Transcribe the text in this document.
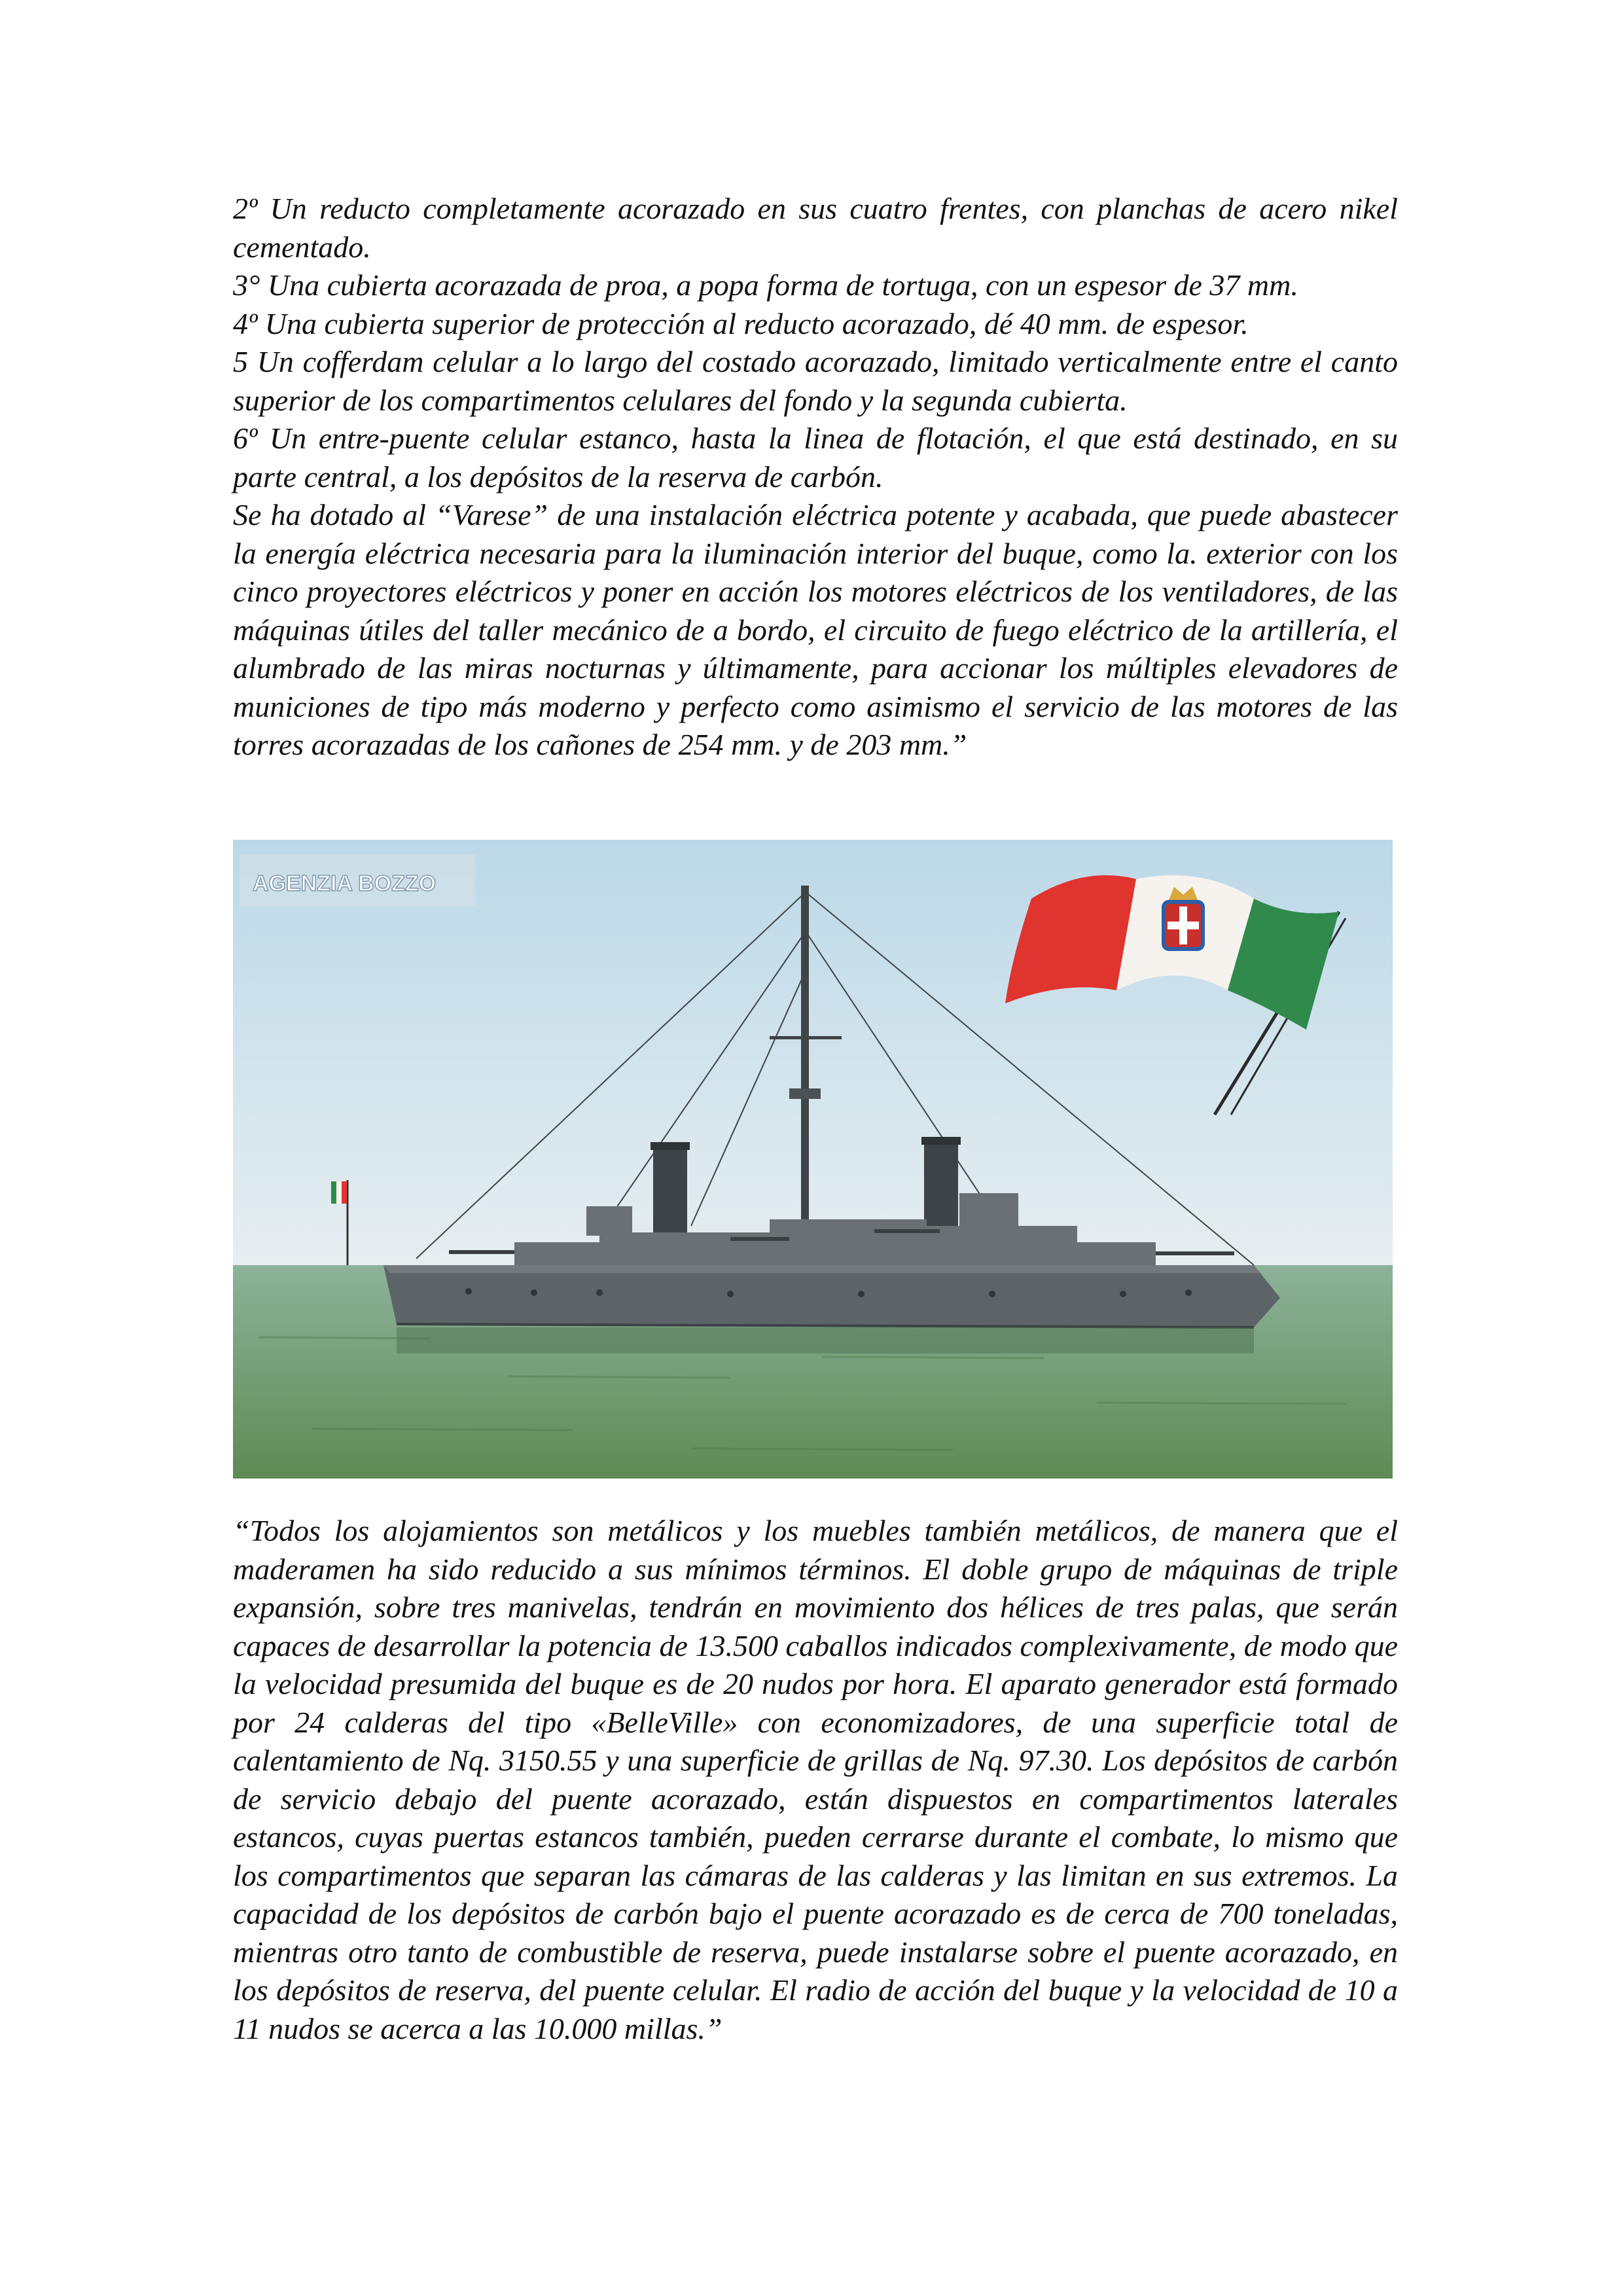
2º Un reducto completamente acorazado en sus cuatro frentes, con planchas de acero nikel cementado.

3° Una cubierta acorazada de proa, a popa forma de tortuga, con un espesor de 37 mm.

4º Una cubierta superior de protección al reducto acorazado, dé 40 mm. de espesor.

5 Un cofferdam celular a lo largo del costado acorazado, limitado verticalmente entre el canto superior de los compartimentos celulares del fondo y la segunda cubierta.

6º Un entre-puente celular estanco, hasta la linea de flotación, el que está destinado, en su parte central, a los depósitos de la reserva de carbón.

Se ha dotado al “Varese” de una instalación eléctrica potente y acabada, que puede abastecer la energía eléctrica necesaria para la iluminación interior del buque, como la. exterior con los cinco proyectores eléctricos y poner en acción los motores eléctricos de los ventiladores, de las máquinas útiles del taller mecánico de a bordo, el circuito de fuego eléctrico de la artillería, el alumbrado de las miras nocturnas y últimamente, para accionar los múltiples elevadores de municiones de tipo más moderno y perfecto como asimismo el servicio de las motores de las torres acorazadas de los cañones de 254 mm. y de 203 mm.”

AGENZIA BOZZO

“Todos los alojamientos son metálicos y los muebles también metálicos, de manera que el maderamen ha sido reducido a sus mínimos términos. El doble grupo de máquinas de triple expansión, sobre tres manivelas, tendrán en movimiento dos hélices de tres palas, que serán capaces de desarrollar la potencia de 13.500 caballos indicados complexivamente, de modo que la velocidad presumida del buque es de 20 nudos por hora. El aparato generador está formado por 24 calderas del tipo «BelleVille» con economizadores, de una superficie total de calentamiento de Nq. 3150.55 y una superficie de grillas de Nq. 97.30. Los depósitos de carbón de servicio debajo del puente acorazado, están dispuestos en compartimentos laterales estancos, cuyas puertas estancos también, pueden cerrarse durante el combate, lo mismo que los compartimentos que separan las cámaras de las calderas y las limitan en sus extremos. La capacidad de los depósitos de carbón bajo el puente acorazado es de cerca de 700 toneladas, mientras otro tanto de combustible de reserva, puede instalarse sobre el puente acorazado, en los depósitos de reserva, del puente celular. El radio de acción del buque y la velocidad de 10 a 11 nudos se acerca a las 10.000 millas.”
